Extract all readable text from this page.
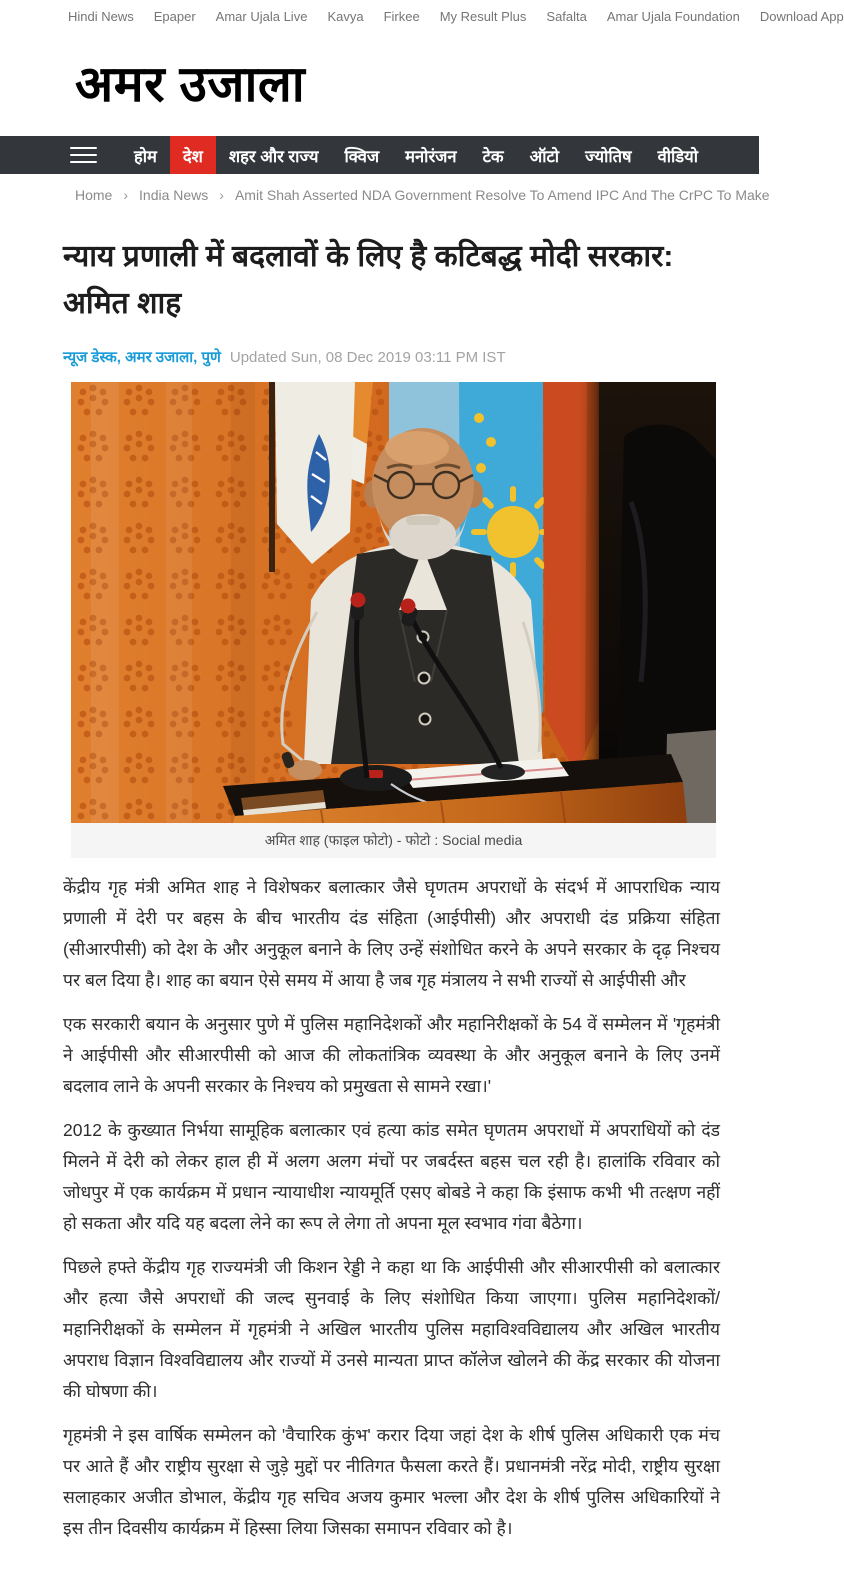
Hindi News Epaper Amar Ujala Live Kavya Firkee My Result Plus Safalta Amar Ujala Foundation Download App
अमर उजाला
होम	देश	शहर और राज्य	क्विज	मनोरंजन	टेक	ऑटो	ज्योतिष	वीडियो
Home › India News › Amit Shah Asserted NDA Government Resolve To Amend IPC And The CrPC To Make
न्याय प्रणाली में बदलावों के लिए है कटिबद्ध मोदी सरकार: अमित शाह
न्यूज डेस्क, अमर उजाला, पुणे Updated Sun, 08 Dec 2019 03:11 PM IST
अमित शाह (फाइल फोटो) - फोटो : Social media

केंद्रीय गृह मंत्री अमित शाह ने विशेषकर बलात्कार जैसे घृणतम अपराधों के संदर्भ में आपराधिक न्याय प्रणाली में देरी पर बहस के बीच भारतीय दंड संहिता (आईपीसी) और अपराधी दंड प्रक्रिया संहिता (सीआरपीसी) को देश के और अनुकूल बनाने के लिए उन्हें संशोधित करने के अपने सरकार के दृढ़ निश्चय पर बल दिया है। शाह का बयान ऐसे समय में आया है जब गृह मंत्रालय ने सभी राज्यों से आईपीसी और

एक सरकारी बयान के अनुसार पुणे में पुलिस महानिदेशकों और महानिरीक्षकों के 54 वें सम्मेलन में 'गृहमंत्री ने आईपीसी और सीआरपीसी को आज की लोकतांत्रिक व्यवस्था के और अनुकूल बनाने के लिए उनमें बदलाव लाने के अपनी सरकार के निश्चय को प्रमुखता से सामने रखा।'

2012 के कुख्यात निर्भया सामूहिक बलात्कार एवं हत्या कांड समेत घृणतम अपराधों में अपराधियों को दंड मिलने में देरी को लेकर हाल ही में अलग अलग मंचों पर जबर्दस्त बहस चल रही है। हालांकि रविवार को जोधपुर में एक कार्यक्रम में प्रधान न्यायाधीश न्यायमूर्ति एसए बोबडे ने कहा कि इंसाफ कभी भी तत्क्षण नहीं हो सकता और यदि यह बदला लेने का रूप ले लेगा तो अपना मूल स्वभाव गंवा बैठेगा।

पिछले हफ्ते केंद्रीय गृह राज्यमंत्री जी किशन रेड्डी ने कहा था कि आईपीसी और सीआरपीसी को बलात्कार और हत्या जैसे अपराधों की जल्द सुनवाई के लिए संशोधित किया जाएगा। पुलिस महानिदेशकों/ महानिरीक्षकों के सम्मेलन में गृहमंत्री ने अखिल भारतीय पुलिस महाविश्वविद्यालय और अखिल भारतीय अपराध विज्ञान विश्वविद्यालय और राज्यों में उनसे मान्यता प्राप्त कॉलेज खोलने की केंद्र सरकार की योजना की घोषणा की।

गृहमंत्री ने इस वार्षिक सम्मेलन को 'वैचारिक कुंभ' करार दिया जहां देश के शीर्ष पुलिस अधिकारी एक मंच पर आते हैं और राष्ट्रीय सुरक्षा से जुड़े मुद्दों पर नीतिगत फैसला करते हैं। प्रधानमंत्री नरेंद्र मोदी, राष्ट्रीय सुरक्षा सलाहकार अजीत डोभाल, केंद्रीय गृह सचिव अजय कुमार भल्ला और देश के शीर्ष पुलिस अधिकारियों ने इस तीन दिवसीय कार्यक्रम में हिस्सा लिया जिसका समापन रविवार को है।
